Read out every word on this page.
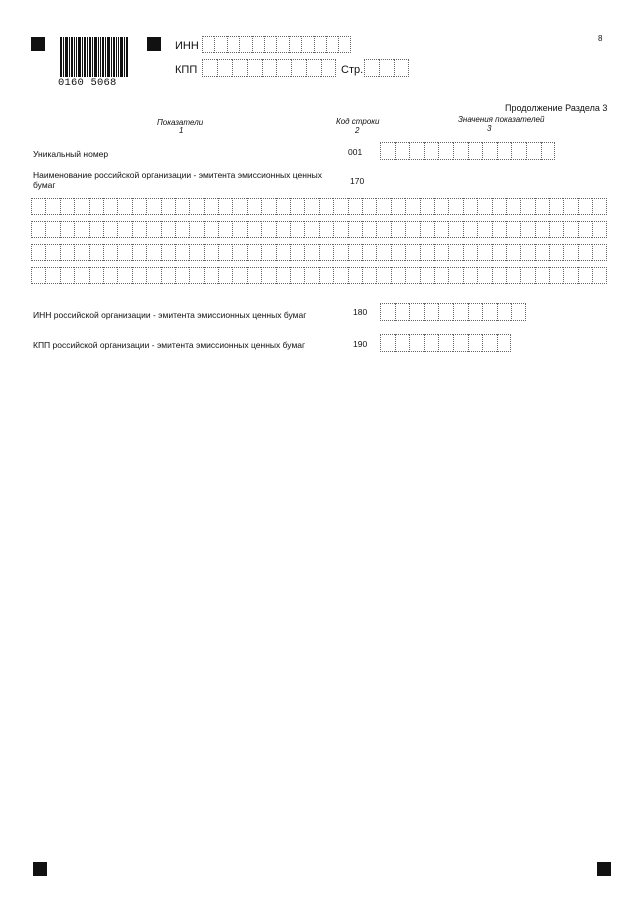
0160 5068
8
ИНН
КПП	Стр.
Продолжение Раздела 3
Показатели
1
Код строки
2
Значения показателей
3
Уникальный номер	001
Наименование российской организации - эмитента эмиссионных ценных бумаг	170
ИНН российской организации - эмитента эмиссионных ценных бумаг	180
КПП российской организации - эмитента эмиссионных ценных бумаг	190
